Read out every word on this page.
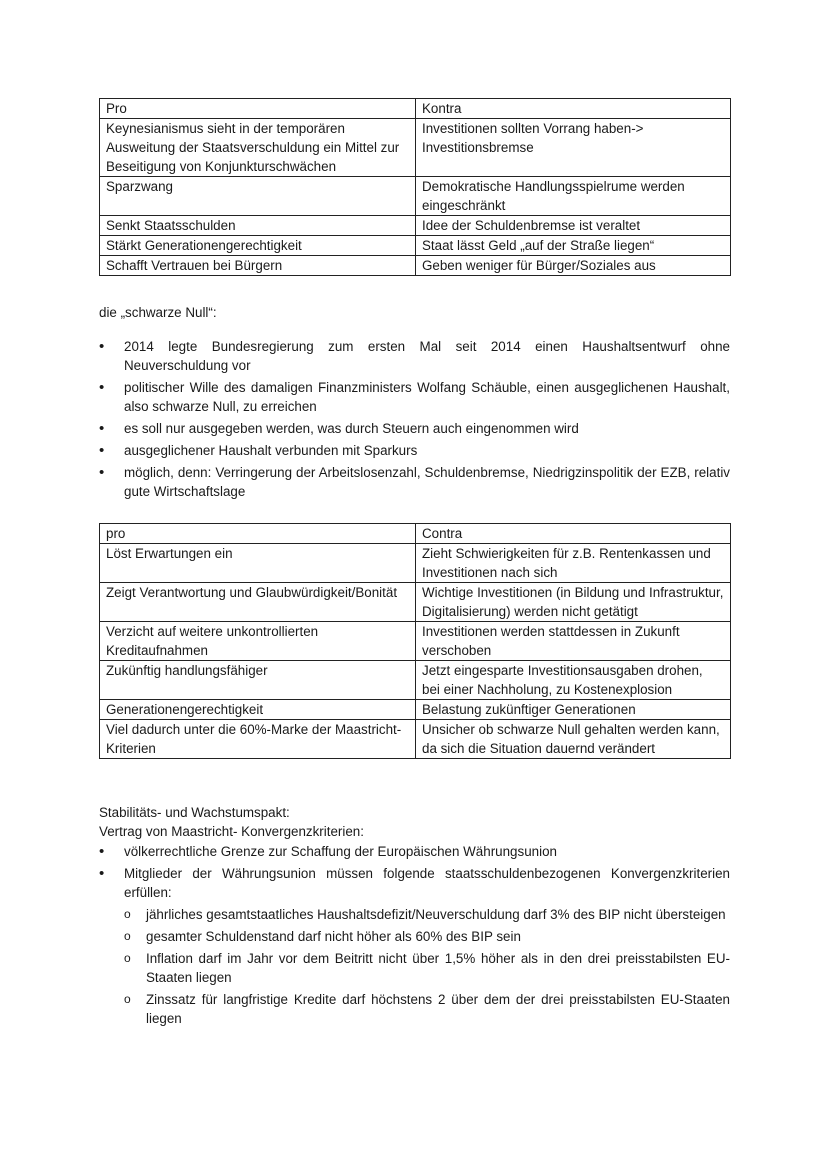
Pro	Kontra
Keynesianismus sieht in der temporären Ausweitung der Staatsverschuldung ein Mittel zur Beseitigung von Konjunkturschwächen	Investitionen sollten Vorrang haben-> Investitionsbremse
Sparzwang	Demokratische Handlungsspielrume werden eingeschränkt
Senkt Staatsschulden	Idee der Schuldenbremse ist veraltet
Stärkt Generationengerechtigkeit	Staat lässt Geld „auf der Straße liegen“
Schafft Vertrauen bei Bürgern	Geben weniger für Bürger/Soziales aus

die „schwarze Null“:

• 2014 legte Bundesregierung zum ersten Mal seit 2014 einen Haushaltsentwurf ohne Neuverschuldung vor
• politischer Wille des damaligen Finanzministers Wolfang Schäuble, einen ausgeglichenen Haushalt, also schwarze Null, zu erreichen
• es soll nur ausgegeben werden, was durch Steuern auch eingenommen wird
• ausgeglichener Haushalt verbunden mit Sparkurs
• möglich, denn: Verringerung der Arbeitslosenzahl, Schuldenbremse, Niedrigzinspolitik der EZB, relativ gute Wirtschaftslage
pro	Contra
Löst Erwartungen ein	Zieht Schwierigkeiten für z.B. Rentenkassen und Investitionen nach sich
Zeigt Verantwortung und Glaubwürdigkeit/Bonität	Wichtige Investitionen (in Bildung und Infrastruktur, Digitalisierung) werden nicht getätigt
Verzicht auf weitere unkontrollierten Kreditaufnahmen	Investitionen werden stattdessen in Zukunft verschoben
Zukünftig handlungsfähiger	Jetzt eingesparte Investitionsausgaben drohen, bei einer Nachholung, zu Kostenexplosion
Generationengerechtigkeit	Belastung zukünftiger Generationen
Viel dadurch unter die 60%-Marke der Maastricht-Kriterien	Unsicher ob schwarze Null gehalten werden kann, da sich die Situation dauernd verändert

Stabilitäts- und Wachstumspakt:

Vertrag von Maastricht- Konvergenzkriterien:

• völkerrechtliche Grenze zur Schaffung der Europäischen Währungsunion
• Mitglieder der Währungsunion müssen folgende staatsschuldenbezogenen Konvergenzkriterien erfüllen:
o jährliches gesamtstaatliches Haushaltsdefizit/Neuverschuldung darf 3% des BIP nicht übersteigen
o gesamter Schuldenstand darf nicht höher als 60% des BIP sein
o Inflation darf im Jahr vor dem Beitritt nicht über 1,5% höher als in den drei preisstabilsten EU-Staaten liegen
o Zinssatz für langfristige Kredite darf höchstens 2 über dem der drei preisstabilsten EU-Staaten liegen
